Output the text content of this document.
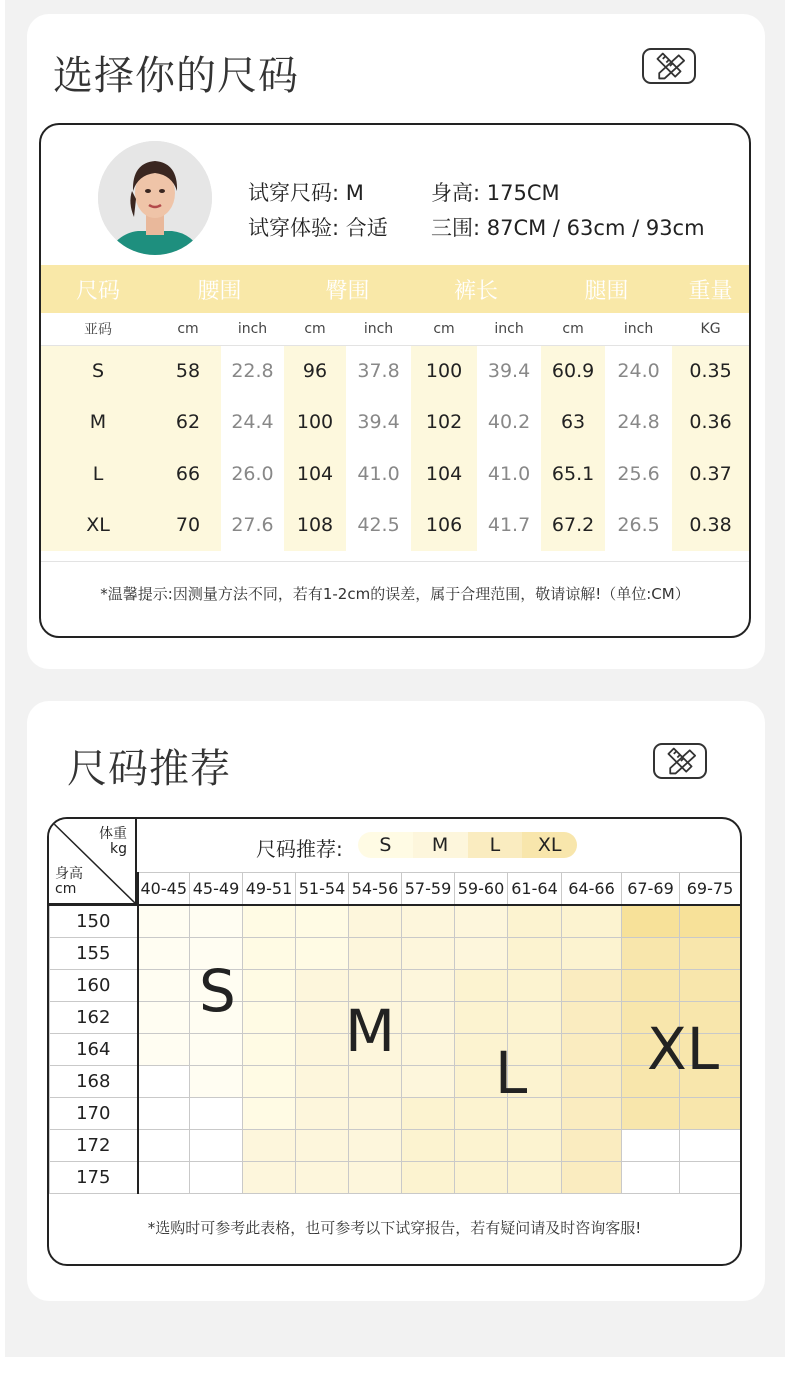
选择你的尺码
试穿尺码: M	身高: 175CM
试穿体验: 合适 三围: 87CM / 63cm / 93cm
尺码	腰围		臀围		裤长		腿围		重量
亚码	cm	inch	cm	inch	cm	inch	cm	inch	KG
S	58	22.8	96	37.8	100	39.4	60.9	24.0	0.35
M	62	24.4	100	39.4	102	40.2	63	24.8	0.36
L	66	26.0	104	41.0	104	41.0	65.1	25.6	0.37
XL	70	27.6	108	42.5	106	41.7	67.2	26.5	0.38
*温馨提示:因测量方法不同，若有1-2cm的误差，属于合理范围，敬请谅解!（单位:CM）
尺码推荐

	40-45	45-49	49-51	51-54	54-56	57-59	59-60	61-64	64-66	67-69	69-75
150											
155											
160											
162											
164											
168											
170											
172											
175											

体重
kg
身高
cm
尺码推荐:	S	M	L	XL
S
M
L XL
*选购时可参考此表格，也可参考以下试穿报告，若有疑问请及时咨询客服!
